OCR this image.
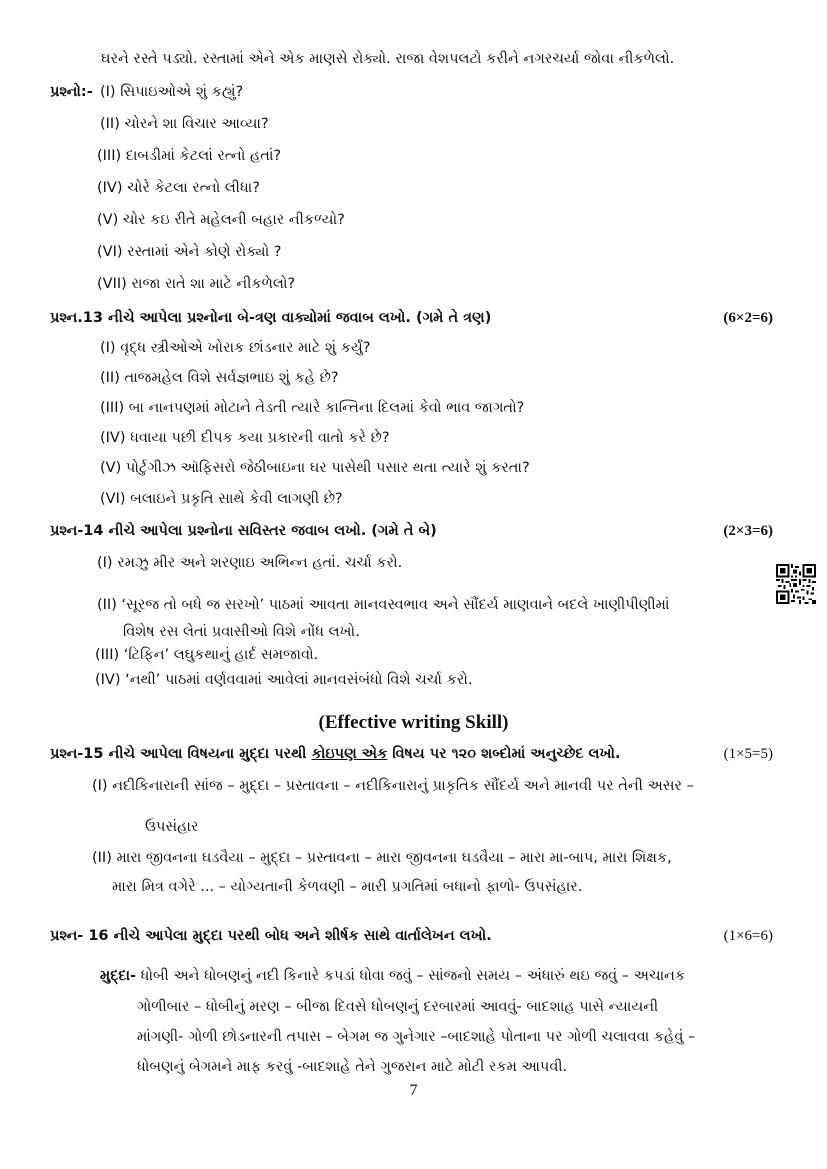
ઘરને રસ્તે પડ્યો. રસ્તામાં એને એક માણસે રોક્યો. રાજા વેશપલટો કરીને નગરચર્યા જોવા નીકળેલો.
પ્રશ્નો:- (I) સિપાઇઓએ શું કહ્યું?
(II) ચોરને શા વિચાર આવ્યા?
(III) દાબડીમાં કેટલાં રત્નો હતાં?
(IV) ચોરે કેટલા રત્નો લીધા?
(V) ચોર કઇ રીતે મહેલની બહાર નીકળ્યો?
(VI) રસ્તામાં એને કોણે રોક્યો ?
(VII) રાજા રાતે શા માટે નીકળેલો?
પ્રશ્ન.13 નીચે આપેલા પ્રશ્નોના બે-ત્રણ વાક્યોમાં જવાબ લખો. (ગમે તે ત્રણ)	(6×2=6)
(I) વૃદ્ધ સ્ત્રીઓએ ખોરાક છાંડનાર માટે શું કર્યું?
(II) તાજમહેલ વિશે સર્વજ્ઞભાઇ શું કહે છે?
(III) બા નાનપણમાં મોટાને તેડતી ત્યારે કાન્તિના દિલમાં કેવો ભાવ જાગતો?
(IV) ધવાયા પછી દીપક કયા પ્રકારની વાતો કરે છે?
(V) પોર્ટુગીઝ ઑફિસરો જેઠીબાઇના ઘર પાસેથી પસાર થતા ત્યારે શું કરતા?
(VI) બલાઇને પ્રકૃતિ સાથે કેવી લાગણી છે?
પ્રશ્ન-14 નીચે આપેલા પ્રશ્નોના સવિસ્તર જવાબ લખો. (ગમે તે બે)	(2×3=6)
(I) રમઝુ મીર અને શરણાઇ અભિન્ન હતાં. ચર્ચા કરો.
(II) ‘સૂરજ તો બધે જ સરખો’ પાઠમાં આવતા માનવસ્વભાવ અને સૌંદર્ય માણવાને બદલે ખાણીપીણીમાં
વિશેષ રસ લેતાં પ્રવાસીઓ વિશે નોંધ લખો.
(III) ‘ટિફિન’ લઘુકથાનું હાર્દ સમજાવો.
(IV) ‘નથી’ પાઠમાં વર્ણવવામાં આવેલાં માનવસંબંધો વિશે ચર્ચા કરો.
(Effective writing Skill)
પ્રશ્ન-15 નીચે આપેલા વિષયના મુદ્દા પરથી કોઇપણ એક વિષય પર ૧૨૦ શબ્દોમાં અનુચ્છેદ લખો.	(1×5=5)
(I) નદીકિનારાની સાંજ – મુદ્દા – પ્રસ્તાવના – નદીકિનારાનું પ્રાકૃતિક સૌંદર્ય અને માનવી પર તેની અસર –
ઉપસંહાર
(II) મારા જીવનના ઘડવૈયા – મુદ્દા – પ્રસ્તાવના – મારા જીવનના ઘડવૈયા – મારા મા-બાપ, મારા શિક્ષક,
મારા મિત્ર વગેરે ... – યોગ્યતાની કેળવણી – મારી પ્રગતિમાં બધાનો ફાળો- ઉપસંહાર.
પ્રશ્ન- 16 નીચે આપેલા મુદ્દા પરથી બોધ અને શીર્ષક સાથે વાર્તાલેખન લખો.	(1×6=6)
મુદ્દા- ધોબી અને ધોબણનું નદી કિનારે કપડાં ધોવા જવું – સાંજનો સમય – અંધારું થઇ જવું – અચાનક
ગોળીબાર – ધોબીનું મરણ – બીજા દિવસે ધોબણનું દરબારમાં આવવું- બાદશાહ પાસે ન્યાયની
માંગણી- ગોળી છોડનારની તપાસ – બેગમ જ ગુનેગાર –બાદશાહે પોતાના પર ગોળી ચલાવવા કહેવું –
ધોબણનું બેગમને માફ કરવું -બાદશાહે તેને ગુજરાન માટે મોટી રકમ આપવી.
7
